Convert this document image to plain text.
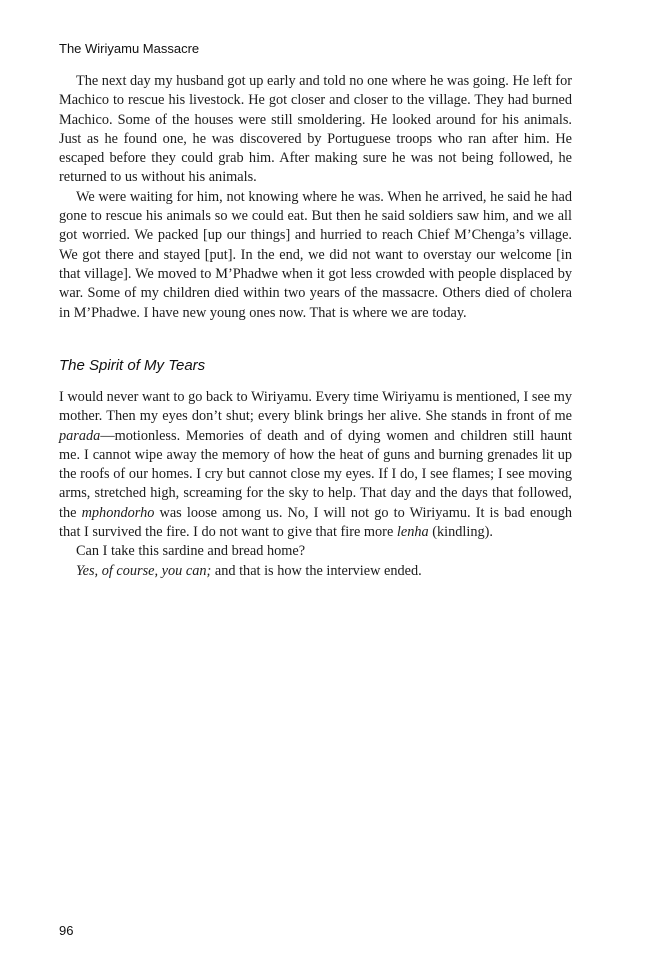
The Wiriyamu Massacre

The next day my husband got up early and told no one where he was going. He left for Machico to rescue his livestock. He got closer and closer to the village. They had burned Machico. Some of the houses were still smoldering. He looked around for his animals. Just as he found one, he was discovered by Portuguese troops who ran after him. He escaped before they could grab him. After making sure he was not being followed, he returned to us without his animals.

We were waiting for him, not knowing where he was. When he arrived, he said he had gone to rescue his animals so we could eat. But then he said soldiers saw him, and we all got worried. We packed [up our things] and hurried to reach Chief M’Chenga’s village. We got there and stayed [put]. In the end, we did not want to overstay our welcome [in that village]. We moved to M’Phadwe when it got less crowded with people displaced by war. Some of my children died within two years of the massacre. Others died of cholera in M’Phadwe. I have new young ones now. That is where we are today.

The Spirit of My Tears

I would never want to go back to Wiriyamu. Every time Wiriyamu is mentioned, I see my mother. Then my eyes don’t shut; every blink brings her alive. She stands in front of me parada—motionless. Memories of death and of dying women and children still haunt me. I cannot wipe away the memory of how the heat of guns and burning grenades lit up the roofs of our homes. I cry but cannot close my eyes. If I do, I see flames; I see moving arms, stretched high, screaming for the sky to help. That day and the days that followed, the mphondorho was loose among us. No, I will not go to Wiriyamu. It is bad enough that I survived the fire. I do not want to give that fire more lenha (kindling).

Can I take this sardine and bread home?

Yes, of course, you can; and that is how the interview ended.

96
